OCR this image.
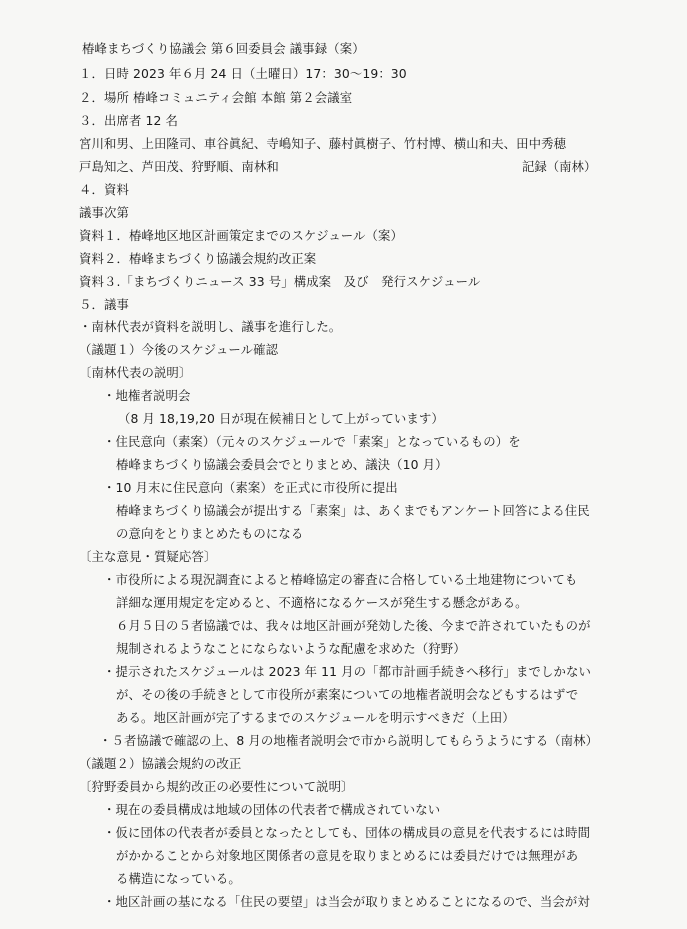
椿峰まちづくり協議会 第６回委員会 議事録（案）
１．日時 2023 年６月 24 日（土曜日）17：30〜19：30
２．場所 椿峰コミュニティ会館 本館 第２会議室
３．出席者 12 名
宮川和男、上田隆司、車谷眞紀、寺嶋知子、藤村眞樹子、竹村博、横山和夫、田中秀穂
戸島知之、芦田茂、狩野順、南林和	記録（南林）
４．資料
議事次第
資料１．椿峰地区地区計画策定までのスケジュール（案）
資料２．椿峰まちづくり協議会規約改正案
資料３.「まちづくりニュース 33 号」構成案　及び　発行スケジュール
５．議事
・南林代表が資料を説明し、議事を進行した。
（議題１）今後のスケジュール確認
〔南林代表の説明〕
・地権者説明会
（8 月 18,19,20 日が現在候補日として上がっています）
・住民意向（素案）（元々のスケジュールで「素案」となっているもの）を
椿峰まちづくり協議会委員会でとりまとめ、議決（10 月）
・10 月末に住民意向（素案）を正式に市役所に提出
椿峰まちづくり協議会が提出する「素案」は、あくまでもアンケート回答による住民
の意向をとりまとめたものになる
〔主な意見・質疑応答〕
・市役所による現況調査によると椿峰協定の審査に合格している土地建物についても
詳細な運用規定を定めると、不適格になるケースが発生する懸念がある。
６月５日の５者協議では、我々は地区計画が発効した後、今まで許されていたものが
規制されるようなことにならないような配慮を求めた（狩野）
・提示されたスケジュールは 2023 年 11 月の「都市計画手続きへ移行」までしかない
が、その後の手続きとして市役所が素案についての地権者説明会などもするはずで
ある。地区計画が完了するまでのスケジュールを明示すべきだ（上田）
・５者協議で確認の上、8 月の地権者説明会で市から説明してもらうようにする（南林）
（議題２）協議会規約の改正
〔狩野委員から規約改正の必要性について説明〕
・現在の委員構成は地域の団体の代表者で構成されていない
・仮に団体の代表者が委員となったとしても、団体の構成員の意見を代表するには時間
がかかることから対象地区関係者の意見を取りまとめるには委員だけでは無理があ
る構造になっている。
・地区計画の基になる「住民の要望」は当会が取りまとめることになるので、当会が対
